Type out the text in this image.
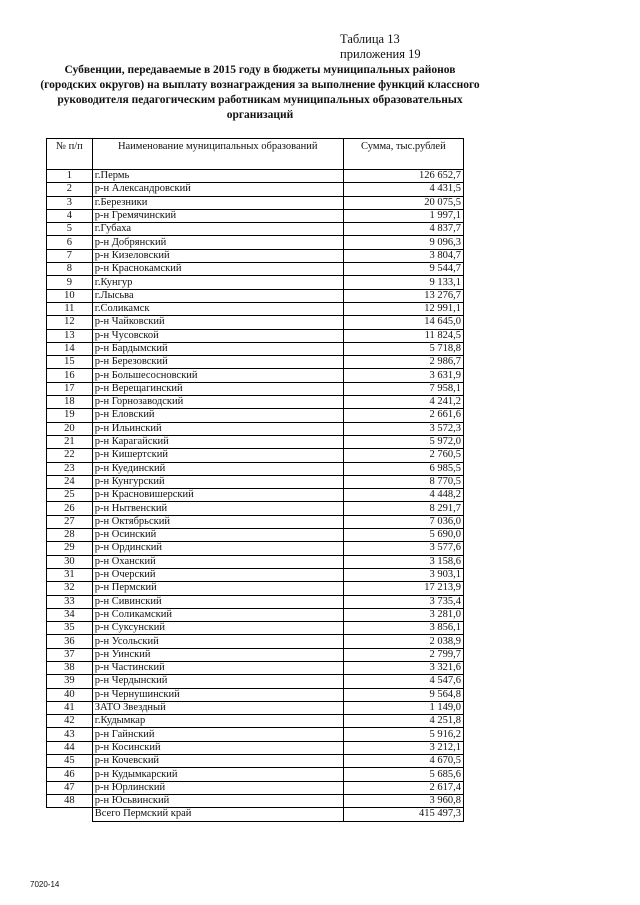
Таблица 13
приложения 19
Субвенции, передаваемые в 2015 году в бюджеты муниципальных районов (городских округов) на выплату вознаграждения за выполнение функций классного руководителя педагогическим работникам муниципальных образовательных организаций
№ п/п	Наименование муниципальных образований	Сумма, тыс.рублей
1	г.Пермь	126 652,7
2	р-н Александровский	4 431,5
3	г.Березники	20 075,5
4	р-н Гремячинский	1 997,1
5	г.Губаха	4 837,7
6	р-н Добрянский	9 096,3
7	р-н Кизеловский	3 804,7
8	р-н Краснокамский	9 544,7
9	г.Кунгур	9 133,1
10	г.Лысьва	13 276,7
11	г.Соликамск	12 991,1
12	р-н Чайковский	14 645,0
13	р-н Чусовской	11 824,5
14	р-н Бардымский	5 718,8
15	р-н Березовский	2 986,7
16	р-н Большесосновский	3 631,9
17	р-н Верещагинский	7 958,1
18	р-н Горнозаводский	4 241,2
19	р-н Еловский	2 661,6
20	р-н Ильинский	3 572,3
21	р-н Карагайский	5 972,0
22	р-н Кишертский	2 760,5
23	р-н Куединский	6 985,5
24	р-н Кунгурский	8 770,5
25	р-н Красновишерский	4 448,2
26	р-н Нытвенский	8 291,7
27	р-н Октябрьский	7 036,0
28	р-н Осинский	5 690,0
29	р-н Ординский	3 577,6
30	р-н Оханский	3 158,6
31	р-н Очерский	3 903,1
32	р-н Пермский	17 213,9
33	р-н Сивинский	3 735,4
34	р-н Соликамский	3 281,0
35	р-н Суксунский	3 856,1
36	р-н Усольский	2 038,9
37	р-н Уинский	2 799,7
38	р-н Частинский	3 321,6
39	р-н Чердынский	4 547,6
40	р-н Чернушинский	9 564,8
41	ЗАТО Звездный	1 149,0
42	г.Кудымкар	4 251,8
43	р-н Гайнский	5 916,2
44	р-н Косинский	3 212,1
45	р-н Кочевский	4 670,5
46	р-н Кудымкарский	5 685,6
47	р-н Юрлинский	2 617,4
48	р-н Юсьвинский	3 960,8
	Всего Пермский край	415 497,3
7020-14
